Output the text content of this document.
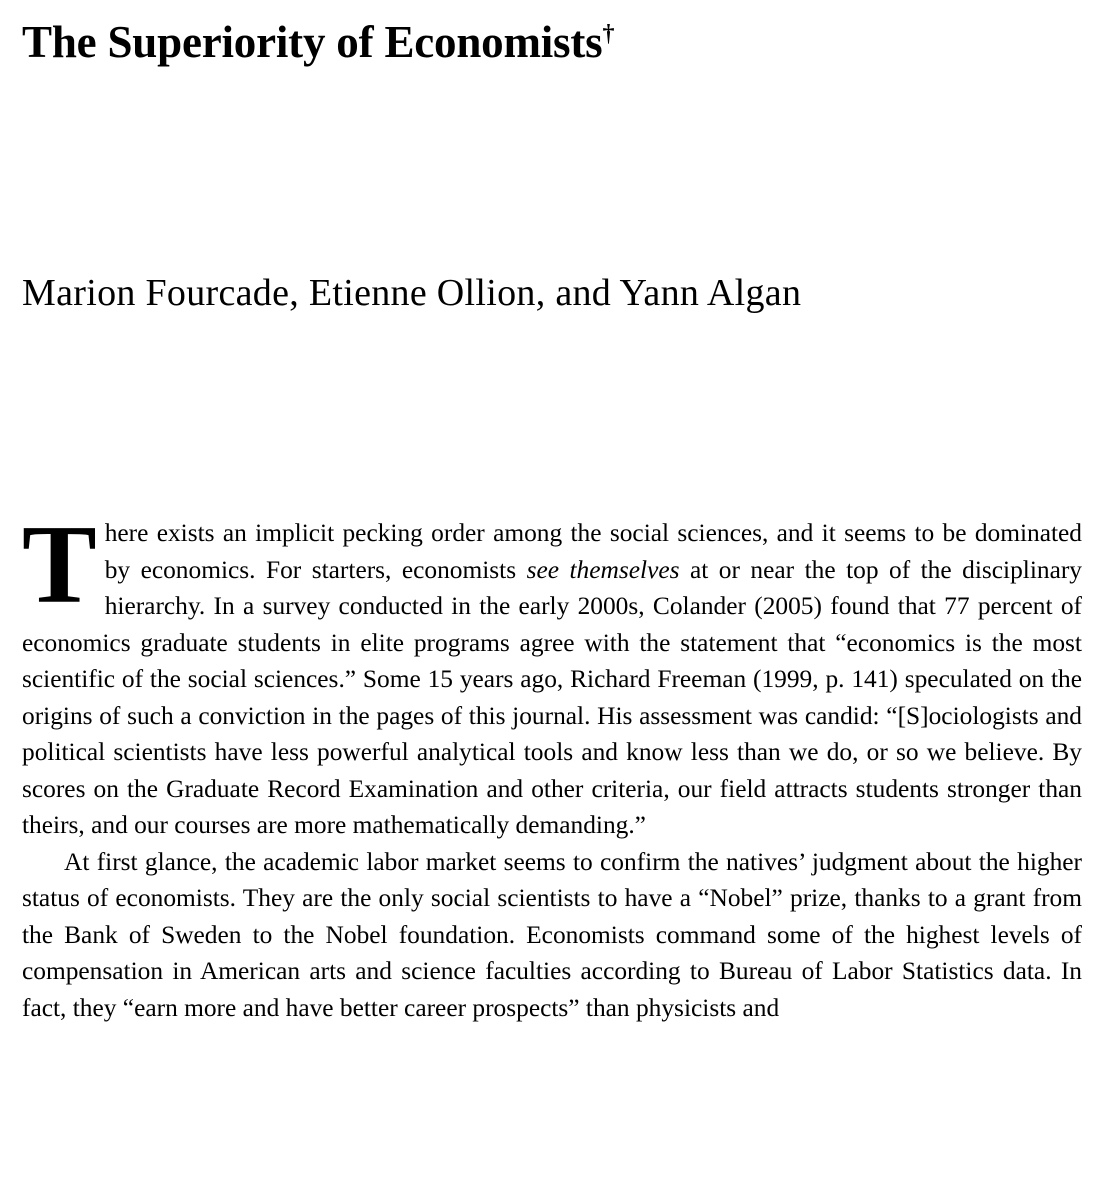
The Superiority of Economists†
Marion Fourcade, Etienne Ollion, and Yann Algan
T here exists an implicit pecking order among the social sciences, and it seems to be dominated by economics. For starters, economists see themselves at or near the top of the disciplinary hierarchy. In a survey conducted in the early 2000s, Colander (2005) found that 77 percent of economics graduate students in elite programs agree with the statement that “economics is the most scientific of the social sciences.” Some 15 years ago, Richard Freeman (1999, p. 141) speculated on the origins of such a conviction in the pages of this journal. His assessment was candid: “[S]ociologists and political scientists have less powerful analytical tools and know less than we do, or so we believe. By scores on the Graduate Record Examination and other criteria, our field attracts students stronger than theirs, and our courses are more mathematically demanding.”

At first glance, the academic labor market seems to confirm the natives’ judgment about the higher status of economists. They are the only social scientists to have a “Nobel” prize, thanks to a grant from the Bank of Sweden to the Nobel foundation. Economists command some of the highest levels of compensation in American arts and science faculties according to Bureau of Labor Statistics data. In fact, they “earn more and have better career prospects” than physicists and
